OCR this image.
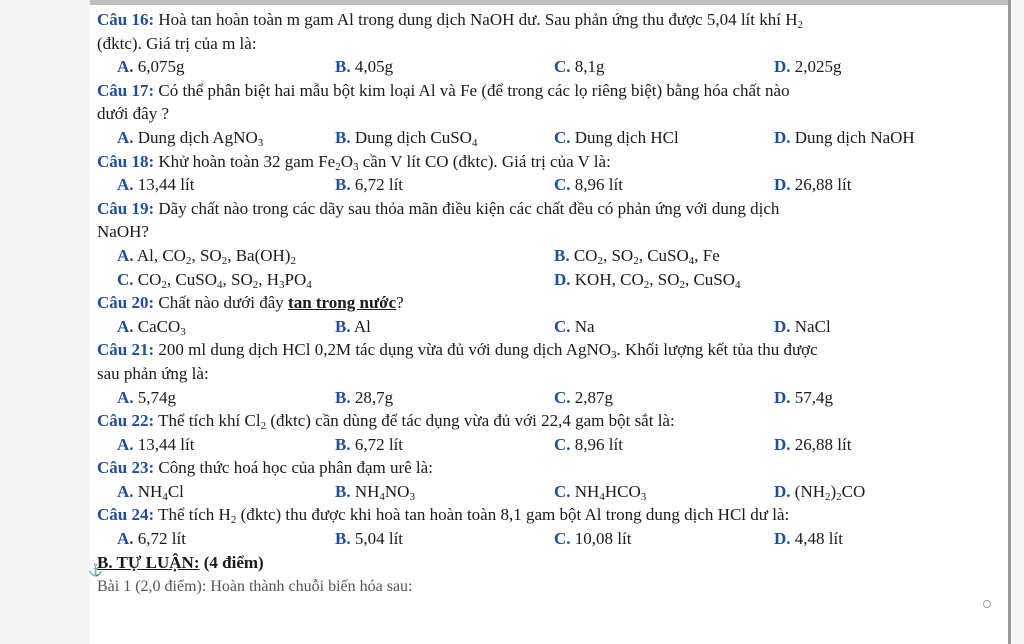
Câu 16: Hoà tan hoàn toàn m gam Al trong dung dịch NaOH dư. Sau phản ứng thu được 5,04 lít khí $H_2$
(đktc). Giá trị của m là:
A. 6,075g	B. 4,05g	C. 8,1g	D. 2,025g
Câu 17: Có thể phân biệt hai mẫu bột kim loại Al và Fe (để trong các lọ riêng biệt) bằng hóa chất nào
dưới đây ?
A. Dung dịch AgNO$_3$	B. Dung dịch CuSO$_4$	C. Dung dịch HCl	D. Dung dịch NaOH
Câu 18: Khử hoàn toàn 32 gam $Fe_2O_3$ cần V lít CO (đktc). Giá trị của V là:
A. 13,44 lít	B. 6,72 lít	C. 8,96 lít	D. 26,88 lít
Câu 19: Dãy chất nào trong các dãy sau thỏa mãn điều kiện các chất đều có phản ứng với dung dịch
NaOH?
A. Al, $CO_2$, $SO_2$, $Ba(OH)_2$	B. $CO_2$, $SO_2$, CuSO$_4$, Fe
C. $CO_2$, CuSO$_4$, $SO_2$, $H_3PO_4$	D. KOH, $CO_2$, $SO_2$, CuSO$_4$
Câu 20: Chất nào dưới đây tan trong nước?
A. CaCO$_3$	B. Al	C. Na	D. NaCl
Câu 21: 200 ml dung dịch HCl 0,2M tác dụng vừa đủ với dung dịch AgNO$_3$. Khối lượng kết tủa thu được
sau phản ứng là:
A. 5,74g	B. 28,7g	C. 2,87g	D. 57,4g
Câu 22: Thể tích khí $Cl_2$ (đktc) cần dùng để tác dụng vừa đủ với 22,4 gam bột sắt là:
A. 13,44 lít	B. 6,72 lít	C. 8,96 lít	D. 26,88 lít
Câu 23: Công thức hoá học của phân đạm urê là:
A. $NH_4Cl$	B. $NH_4NO_3$	C. $NH_4HCO_3$	D. $(NH_2)_2CO$
Câu 24: Thể tích $H_2$ (đktc) thu được khi hoà tan hoàn toàn 8,1 gam bột Al trong dung dịch HCl dư là:
A. 6,72 lít	B. 5,04 lít	C. 10,08 lít	D. 4,48 lít
B. TỰ LUẬN: (4 điểm)
Bài 1 (2,0 điểm): Hoàn thành chuỗi biến hóa sau:
⚓
